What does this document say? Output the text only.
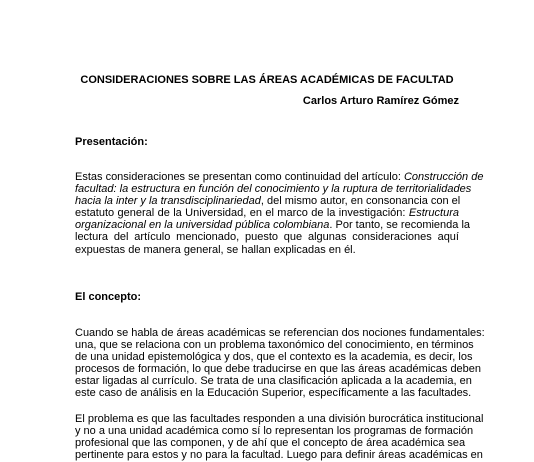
CONSIDERACIONES SOBRE LAS ÁREAS ACADÉMICAS DE FACULTAD

Carlos Arturo Ramírez Gómez

Presentación:

Estas consideraciones se presentan como continuidad del artículo: Construcción de
facultad: la estructura en función del conocimiento y la ruptura de territorialidades
hacia la inter y la transdisciplinariedad, del mismo autor, en consonancia con el
estatuto general de la Universidad, en el marco de la investigación: Estructura
organizacional en la universidad pública colombiana. Por tanto, se recomienda la
lectura del artículo mencionado, puesto que algunas consideraciones aquí
expuestas de manera general, se hallan explicadas en él.

El concepto:

Cuando se habla de áreas académicas se referencian dos nociones fundamentales:
una, que se relaciona con un problema taxonómico del conocimiento, en términos
de una unidad epistemológica y dos, que el contexto es la academia, es decir, los
procesos de formación, lo que debe traducirse en que las áreas académicas deben
estar ligadas al currículo. Se trata de una clasificación aplicada a la academia, en
este caso de análisis en la Educación Superior, específicamente a las facultades.
El problema es que las facultades responden a una división burocrática institucional
y no a una unidad académica como sí lo representan los programas de formación
profesional que las componen, y de ahí que el concepto de área académica sea
pertinente para estos y no para la facultad. Luego para definir áreas académicas en
